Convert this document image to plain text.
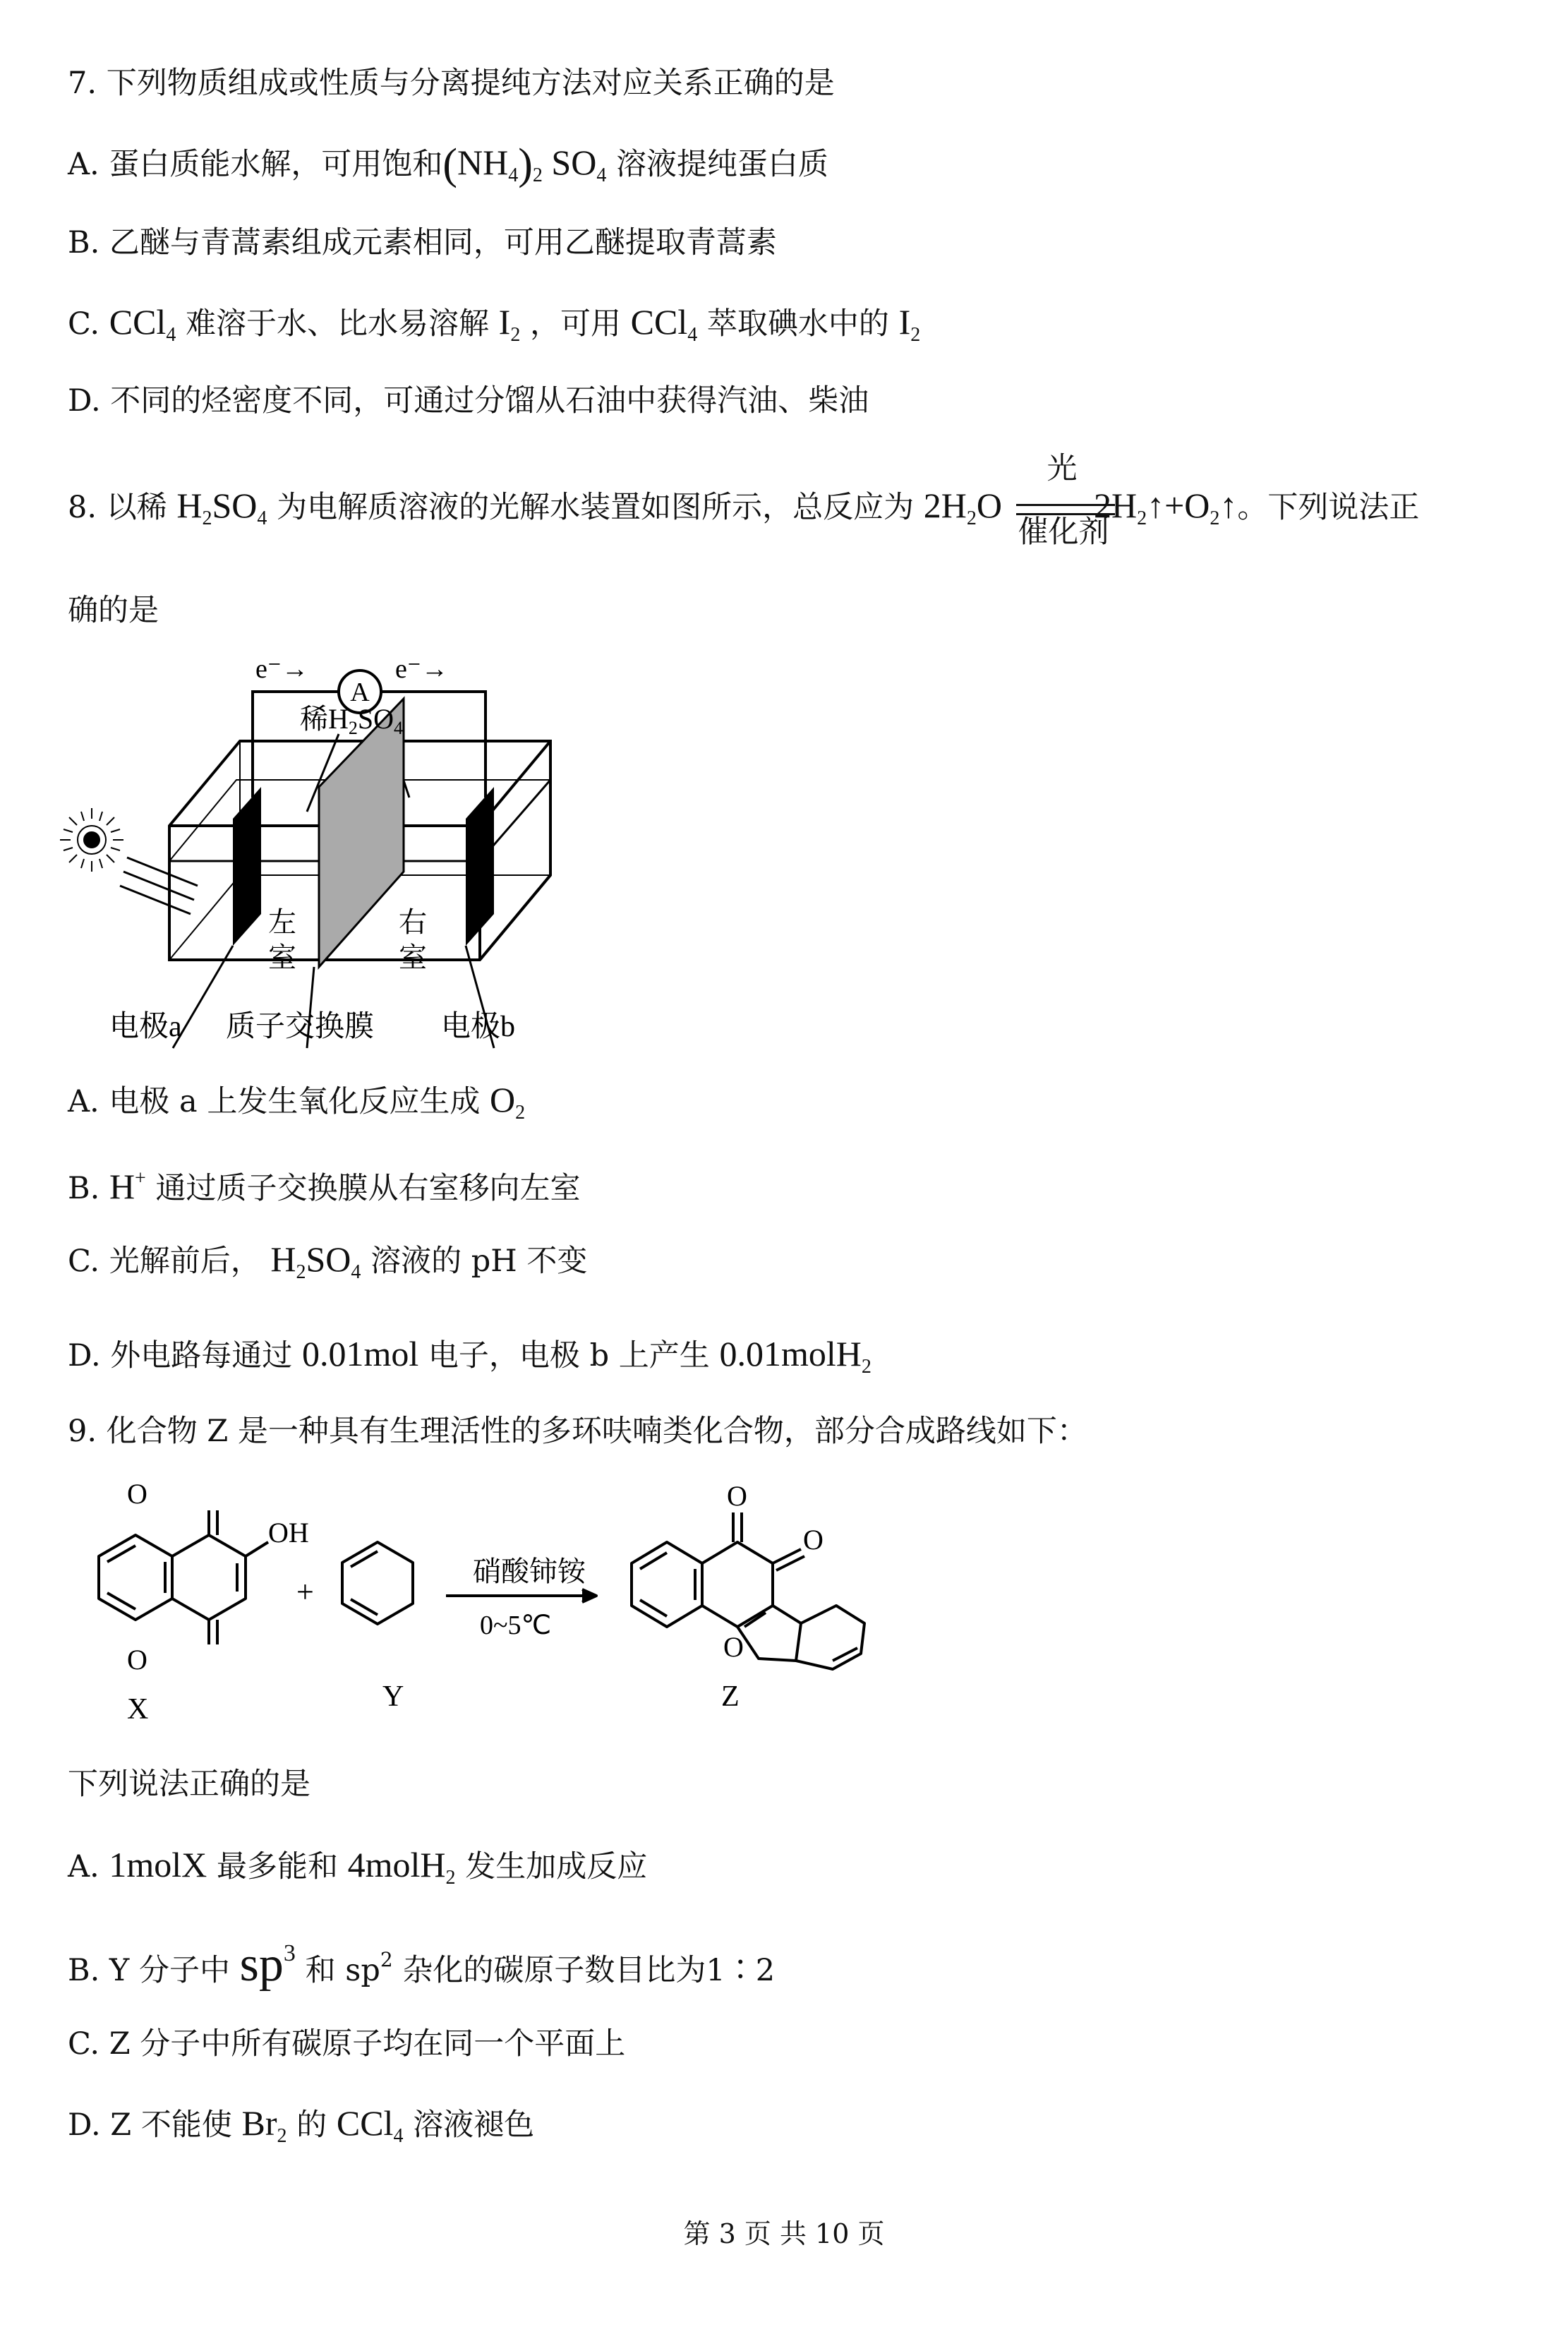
7. 下列物质组成或性质与分离提纯方法对应关系正确的是
A. 蛋白质能水解，可用饱和$(NH_4)_2$ $SO_4$ 溶液提纯蛋白质
B. 乙醚与青蒿素组成元素相同，可用乙醚提取青蒿素
C. CCl$_4$ 难溶于水、比水易溶解 $I_2$ ，可用 CCl$_4$ 萃取碘水中的 $I_2$
D. 不同的烃密度不同，可通过分馏从石油中获得汽油、柴油
8. 以稀 $H_2SO_4$ 为电解质溶液的光解水装置如图所示，总反应为 $2H_2O$	$2H_2↑+O_2↑$。下列说法正
光
催化剂
确的是
A
e⁻→	e⁻→
稀$H_2SO_4$
左
室
右
室
电极a 质子交换膜 电极b
A. 电极 a 上发生氧化反应生成 $O_2$
B. H+ 通过质子交换膜从右室移向左室
C. 光解前后， $H_2SO_4$ 溶液的 pH 不变
D. 外电路每通过 0.01mol 电子，电极 b 上产生 0.01molH$_2$
9. 化合物 Z 是一种具有生理活性的多环呋喃类化合物，部分合成路线如下：
O
O
OH
+
硝酸铈铵
0~5℃
O
O
O
X	Y	Z
下列说法正确的是
A. 1molX 最多能和 4molH$_2$ 发生加成反应
B. Y 分子中 $sp^3$ 和 $sp^2$ 杂化的碳原子数目比为1∶2
C. Z 分子中所有碳原子均在同一个平面上
D. Z 不能使 $Br_2$ 的 CCl$_4$ 溶液褪色
第 3 页 共 10 页
